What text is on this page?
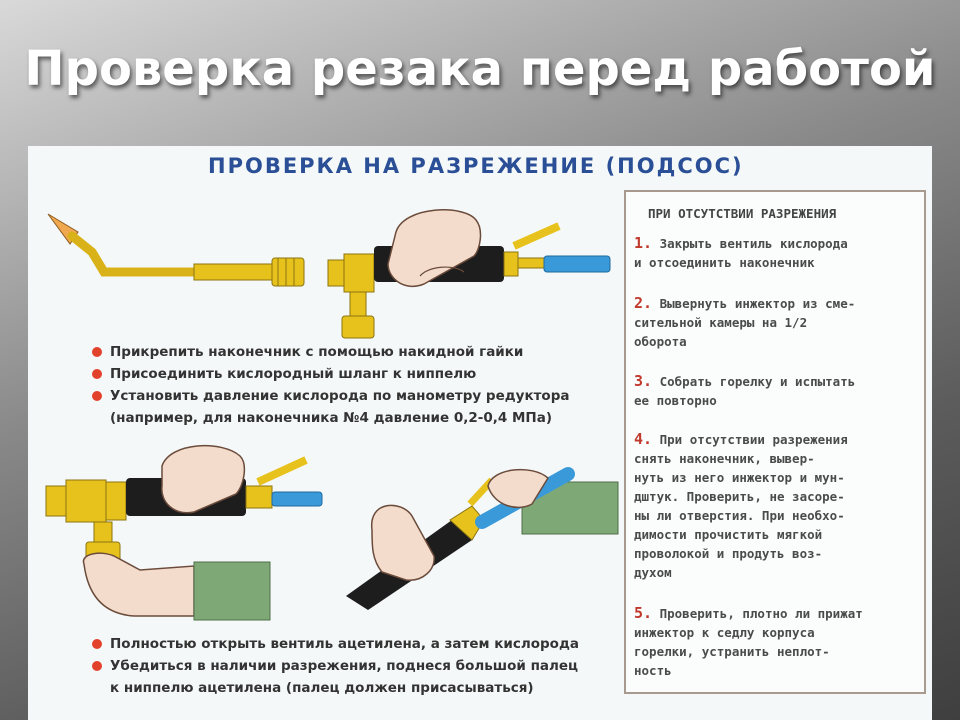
Проверка резака перед работой
ПРОВЕРКА НА РАЗРЕЖЕНИЕ (ПОДСОС)
Прикрепить наконечник с помощью накидной гайки
Присоединить кислородный шланг к ниппелю
Установить давление кислорода по манометру редуктора
(например, для наконечника №4 давление 0,2-0,4 МПа)
Полностью открыть вентиль ацетилена, а затем кислорода
Убедиться в наличии разрежения, поднеся большой палец
к ниппелю ацетилена (палец должен присасываться)
ПРИ ОТСУТСТВИИ РАЗРЕЖЕНИЯ
1. Закрыть вентиль кислорода
и отсоединить наконечник
2. Вывернуть инжектор из сме-
сительной камеры на 1/2
оборота
3. Собрать горелку и испытать
ее повторно
4. При отсутствии разрежения
снять наконечник, вывер-
нуть из него инжектор и мун-
дштук. Проверить, не засоре-
ны ли отверстия. При необхо-
димости прочистить мягкой
проволокой и продуть воз-
духом
5. Проверить, плотно ли прижат
инжектор к седлу корпуса
горелки, устранить неплот-
ность
